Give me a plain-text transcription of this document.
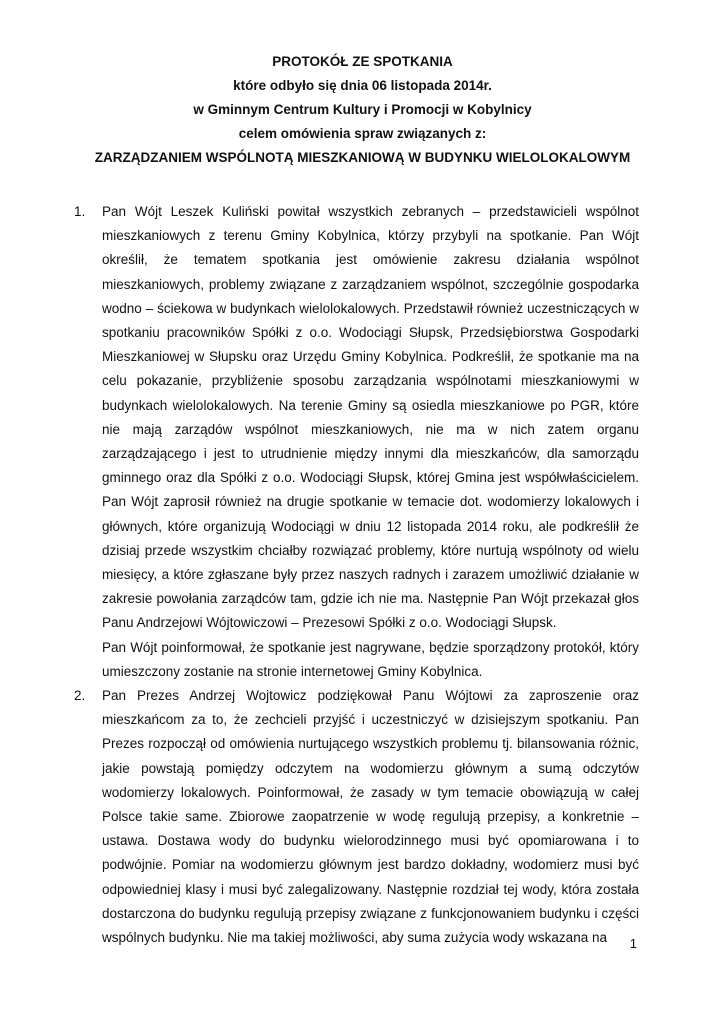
PROTOKÓŁ ZE SPOTKANIA
które odbyło się dnia 06 listopada 2014r.
w Gminnym Centrum Kultury i Promocji w Kobylnicy
celem omówienia spraw związanych z:
ZARZĄDZANIEM WSPÓLNOTĄ MIESZKANIOWĄ W BUDYNKU WIELOLOKALOWYM
1. Pan Wójt Leszek Kuliński powitał wszystkich zebranych – przedstawicieli wspólnot mieszkaniowych z terenu Gminy Kobylnica, którzy przybyli na spotkanie. Pan Wójt określił, że tematem spotkania jest omówienie zakresu działania wspólnot mieszkaniowych, problemy związane z zarządzaniem wspólnot, szczególnie gospodarka wodno – ściekowa w budynkach wielolokalowych. Przedstawił również uczestniczących w spotkaniu pracowników Spółki z o.o. Wodociągi Słupsk, Przedsiębiorstwa Gospodarki Mieszkaniowej w Słupsku oraz Urzędu Gminy Kobylnica. Podkreślił, że spotkanie ma na celu pokazanie, przybliżenie sposobu zarządzania wspólnotami mieszkaniowymi w budynkach wielolokalowych. Na terenie Gminy są osiedla mieszkaniowe po PGR, które nie mają zarządów wspólnot mieszkaniowych, nie ma w nich zatem organu zarządzającego i jest to utrudnienie między innymi dla mieszkańców, dla samorządu gminnego oraz dla Spółki z o.o. Wodociągi Słupsk, której Gmina jest współwłaścicielem. Pan Wójt zaprosił również na drugie spotkanie w temacie dot. wodomierzy lokalowych i głównych, które organizują Wodociągi w dniu 12 listopada 2014 roku, ale podkreślił że dzisiaj przede wszystkim chciałby rozwiązać problemy, które nurtują wspólnoty od wielu miesięcy, a które zgłaszane były przez naszych radnych i zarazem umożliwić działanie w zakresie powołania zarządców tam, gdzie ich nie ma. Następnie Pan Wójt przekazał głos Panu Andrzejowi Wójtowiczowi – Prezesowi Spółki z o.o. Wodociągi Słupsk.

Pan Wójt poinformował, że spotkanie jest nagrywane, będzie sporządzony protokół, który umieszczony zostanie na stronie internetowej Gminy Kobylnica.

2. Pan Prezes Andrzej Wojtowicz podziękował Panu Wójtowi za zaproszenie oraz mieszkańcom za to, że zechcieli przyjść i uczestniczyć w dzisiejszym spotkaniu. Pan Prezes rozpoczął od omówienia nurtującego wszystkich problemu tj. bilansowania różnic, jakie powstają pomiędzy odczytem na wodomierzu głównym a sumą odczytów wodomierzy lokalowych. Poinformował, że zasady w tym temacie obowiązują w całej Polsce takie same. Zbiorowe zaopatrzenie w wodę regulują przepisy, a konkretnie – ustawa. Dostawa wody do budynku wielorodzinnego musi być opomiarowana i to podwójnie. Pomiar na wodomierzu głównym jest bardzo dokładny, wodomierz musi być odpowiedniej klasy i musi być zalegalizowany. Następnie rozdział tej wody, która została dostarczona do budynku regulują przepisy związane z funkcjonowaniem budynku i części wspólnych budynku. Nie ma takiej możliwości, aby suma zużycia wody wskazana na	1
